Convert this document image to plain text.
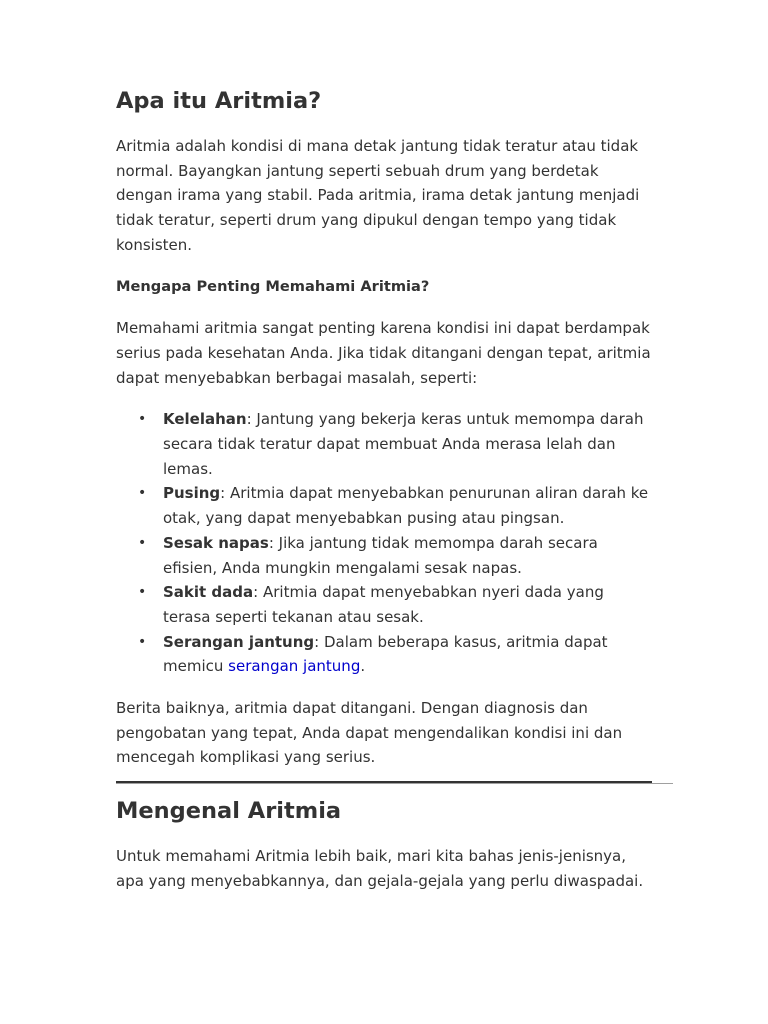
Apa itu Aritmia?

Aritmia adalah kondisi di mana detak jantung tidak teratur atau tidak normal. Bayangkan jantung seperti sebuah drum yang berdetak dengan irama yang stabil. Pada aritmia, irama detak jantung menjadi tidak teratur, seperti drum yang dipukul dengan tempo yang tidak konsisten.

Mengapa Penting Memahami Aritmia?

Memahami aritmia sangat penting karena kondisi ini dapat berdampak serius pada kesehatan Anda. Jika tidak ditangani dengan tepat, aritmia dapat menyebabkan berbagai masalah, seperti:

• Kelelahan: Jantung yang bekerja keras untuk memompa darah secara tidak teratur dapat membuat Anda merasa lelah dan lemas.
• Pusing: Aritmia dapat menyebabkan penurunan aliran darah ke otak, yang dapat menyebabkan pusing atau pingsan.
• Sesak napas: Jika jantung tidak memompa darah secara efisien, Anda mungkin mengalami sesak napas.
• Sakit dada: Aritmia dapat menyebabkan nyeri dada yang terasa seperti tekanan atau sesak.
• Serangan jantung: Dalam beberapa kasus, aritmia dapat memicu serangan jantung.

Berita baiknya, aritmia dapat ditangani. Dengan diagnosis dan pengobatan yang tepat, Anda dapat mengendalikan kondisi ini dan mencegah komplikasi yang serius.

Mengenal Aritmia

Untuk memahami Aritmia lebih baik, mari kita bahas jenis-jenisnya, apa yang menyebabkannya, dan gejala-gejala yang perlu diwaspadai.
